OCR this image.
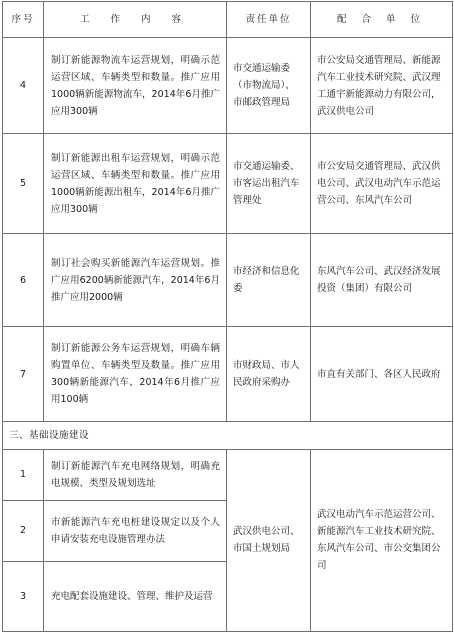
序号	工 作 内 容	责任单位	配 合 单 位
4	制订新能源物流车运营规划，明确示范运营区域、车辆类型和数量。推广应用1000辆新能源物流车，2014年6月推广应用300辆	市交通运输委（市物流局）、市邮政管理局	市公安局交通管理局、新能源汽车工业技术研究院、武汉理工通宇新能源动力有限公司，武汉供电公司
5	制订新能源出租车运营规划，明确示范运营区域、车辆类型和数量。推广应用1000辆新能源出租车，2014年6月推广应用300辆	市交通运输委、市客运出租汽车管理处	市公安局交通管理局、武汉供电公司、武汉电动汽车示范运营公司、东风汽车公司
6	制订社会购买新能源汽车运营规划。推广应用6200辆新能源汽车，2014年6月推广应用2000辆	市经济和信息化委	东风汽车公司、武汉经济发展投资（集团）有限公司
7	制订新能源公务车运营规划，明确车辆购置单位、车辆类型及数量。推广应用300辆新能源汽车，2014年6月推广应用100辆	市财政局、市人民政府采购办	市直有关部门、各区人民政府
三、基础设施建设			
1	制订新能源汽车充电网络规划，明确充电规模、类型及规划选址	武汉供电公司、市国土规划局	武汉电动汽车示范运营公司、新能源汽车工业技术研究院、东风汽车公司、市公交集团公司
2	市新能源汽车充电桩建设规定以及个人申请安装充电设施管理办法		
3	充电配套设施建设、管理、维护及运营		
